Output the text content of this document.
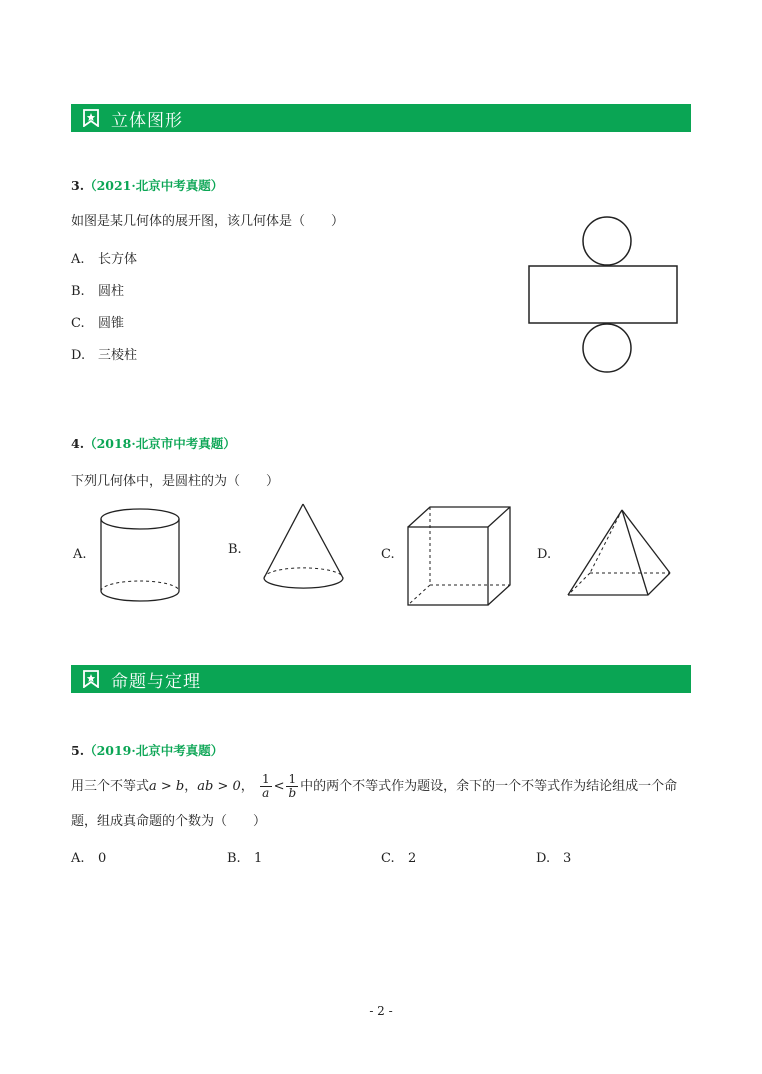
立体图形
3.（2021·北京中考真题）
如图是某几何体的展开图，该几何体是（　　）
A. 长方体
B. 圆柱
C. 圆锥
D. 三棱柱
4.（2018·北京市中考真题）
下列几何体中，是圆柱的为（　　）
A.	B.	C.	D.
命题与定理
5.（2019·北京中考真题）
用三个不等式a > b，ab > 0， $\frac{1}{a} < \frac{1}{b}$ 中的两个不等式作为题设，余下的一个不等式作为结论组成一个命
题，组成真命题的个数为（　　）
A. 0	B. 1	C. 2	D. 3
- 2 -
